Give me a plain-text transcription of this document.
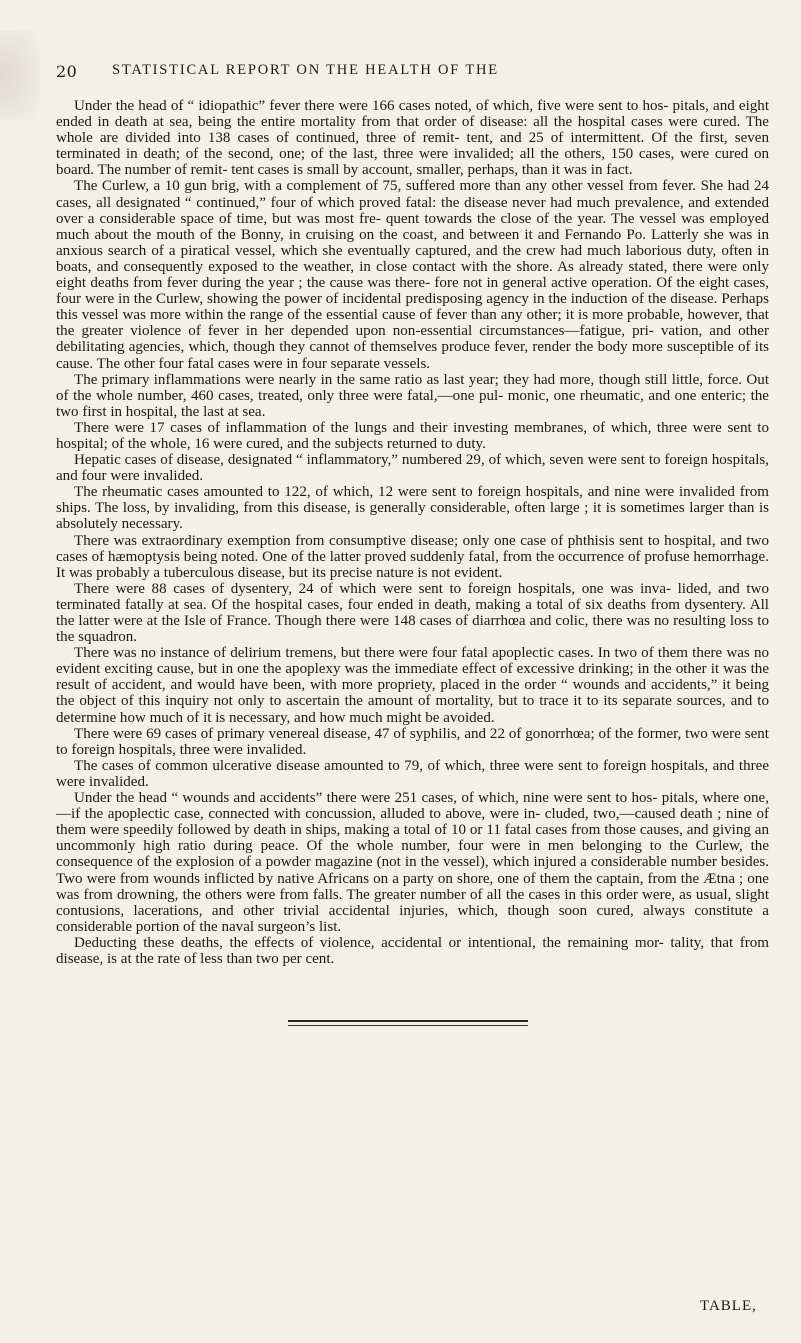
20 STATISTICAL REPORT ON THE HEALTH OF THE

Under the head of “ idiopathic” fever there were 166 cases noted, of which, five were sent to hos- pitals, and eight ended in death at sea, being the entire mortality from that order of disease: all the hospital cases were cured. The whole are divided into 138 cases of continued, three of remit- tent, and 25 of intermittent. Of the first, seven terminated in death; of the second, one; of the last, three were invalided; all the others, 150 cases, were cured on board. The number of remit- tent cases is small by account, smaller, perhaps, than it was in fact.

The Curlew, a 10 gun brig, with a complement of 75, suffered more than any other vessel from fever. She had 24 cases, all designated “ continued,” four of which proved fatal: the disease never had much prevalence, and extended over a considerable space of time, but was most fre- quent towards the close of the year. The vessel was employed much about the mouth of the Bonny, in cruising on the coast, and between it and Fernando Po. Latterly she was in anxious search of a piratical vessel, which she eventually captured, and the crew had much laborious duty, often in boats, and consequently exposed to the weather, in close contact with the shore. As already stated, there were only eight deaths from fever during the year ; the cause was there- fore not in general active operation. Of the eight cases, four were in the Curlew, showing the power of incidental predisposing agency in the induction of the disease. Perhaps this vessel was more within the range of the essential cause of fever than any other; it is more probable, however, that the greater violence of fever in her depended upon non-essential circumstances—fatigue, pri- vation, and other debilitating agencies, which, though they cannot of themselves produce fever, render the body more susceptible of its cause. The other four fatal cases were in four separate vessels.

The primary inflammations were nearly in the same ratio as last year; they had more, though still little, force. Out of the whole number, 460 cases, treated, only three were fatal,—one pul- monic, one rheumatic, and one enteric; the two first in hospital, the last at sea.

There were 17 cases of inflammation of the lungs and their investing membranes, of which, three were sent to hospital; of the whole, 16 were cured, and the subjects returned to duty.

Hepatic cases of disease, designated “ inflammatory,” numbered 29, of which, seven were sent to foreign hospitals, and four were invalided.

The rheumatic cases amounted to 122, of which, 12 were sent to foreign hospitals, and nine were invalided from ships. The loss, by invaliding, from this disease, is generally considerable, often large ; it is sometimes larger than is absolutely necessary.

There was extraordinary exemption from consumptive disease; only one case of phthisis sent to hospital, and two cases of hæmoptysis being noted. One of the latter proved suddenly fatal, from the occurrence of profuse hemorrhage. It was probably a tuberculous disease, but its precise nature is not evident.

There were 88 cases of dysentery, 24 of which were sent to foreign hospitals, one was inva- lided, and two terminated fatally at sea. Of the hospital cases, four ended in death, making a total of six deaths from dysentery. All the latter were at the Isle of France. Though there were 148 cases of diarrhœa and colic, there was no resulting loss to the squadron.

There was no instance of delirium tremens, but there were four fatal apoplectic cases. In two of them there was no evident exciting cause, but in one the apoplexy was the immediate effect of excessive drinking; in the other it was the result of accident, and would have been, with more propriety, placed in the order “ wounds and accidents,” it being the object of this inquiry not only to ascertain the amount of mortality, but to trace it to its separate sources, and to determine how much of it is necessary, and how much might be avoided.

There were 69 cases of primary venereal disease, 47 of syphilis, and 22 of gonorrhœa; of the former, two were sent to foreign hospitals, three were invalided.

The cases of common ulcerative disease amounted to 79, of which, three were sent to foreign hospitals, and three were invalided.

Under the head “ wounds and accidents” there were 251 cases, of which, nine were sent to hos- pitals, where one,—if the apoplectic case, connected with concussion, alluded to above, were in- cluded, two,—caused death ; nine of them were speedily followed by death in ships, making a total of 10 or 11 fatal cases from those causes, and giving an uncommonly high ratio during peace. Of the whole number, four were in men belonging to the Curlew, the consequence of the explosion of a powder magazine (not in the vessel), which injured a considerable number besides. Two were from wounds inflicted by native Africans on a party on shore, one of them the captain, from the Ætna ; one was from drowning, the others were from falls. The greater number of all the cases in this order were, as usual, slight contusions, lacerations, and other trivial accidental injuries, which, though soon cured, always constitute a considerable portion of the naval surgeon’s list.

Deducting these deaths, the effects of violence, accidental or intentional, the remaining mor- tality, that from disease, is at the rate of less than two per cent.

TABLE,
